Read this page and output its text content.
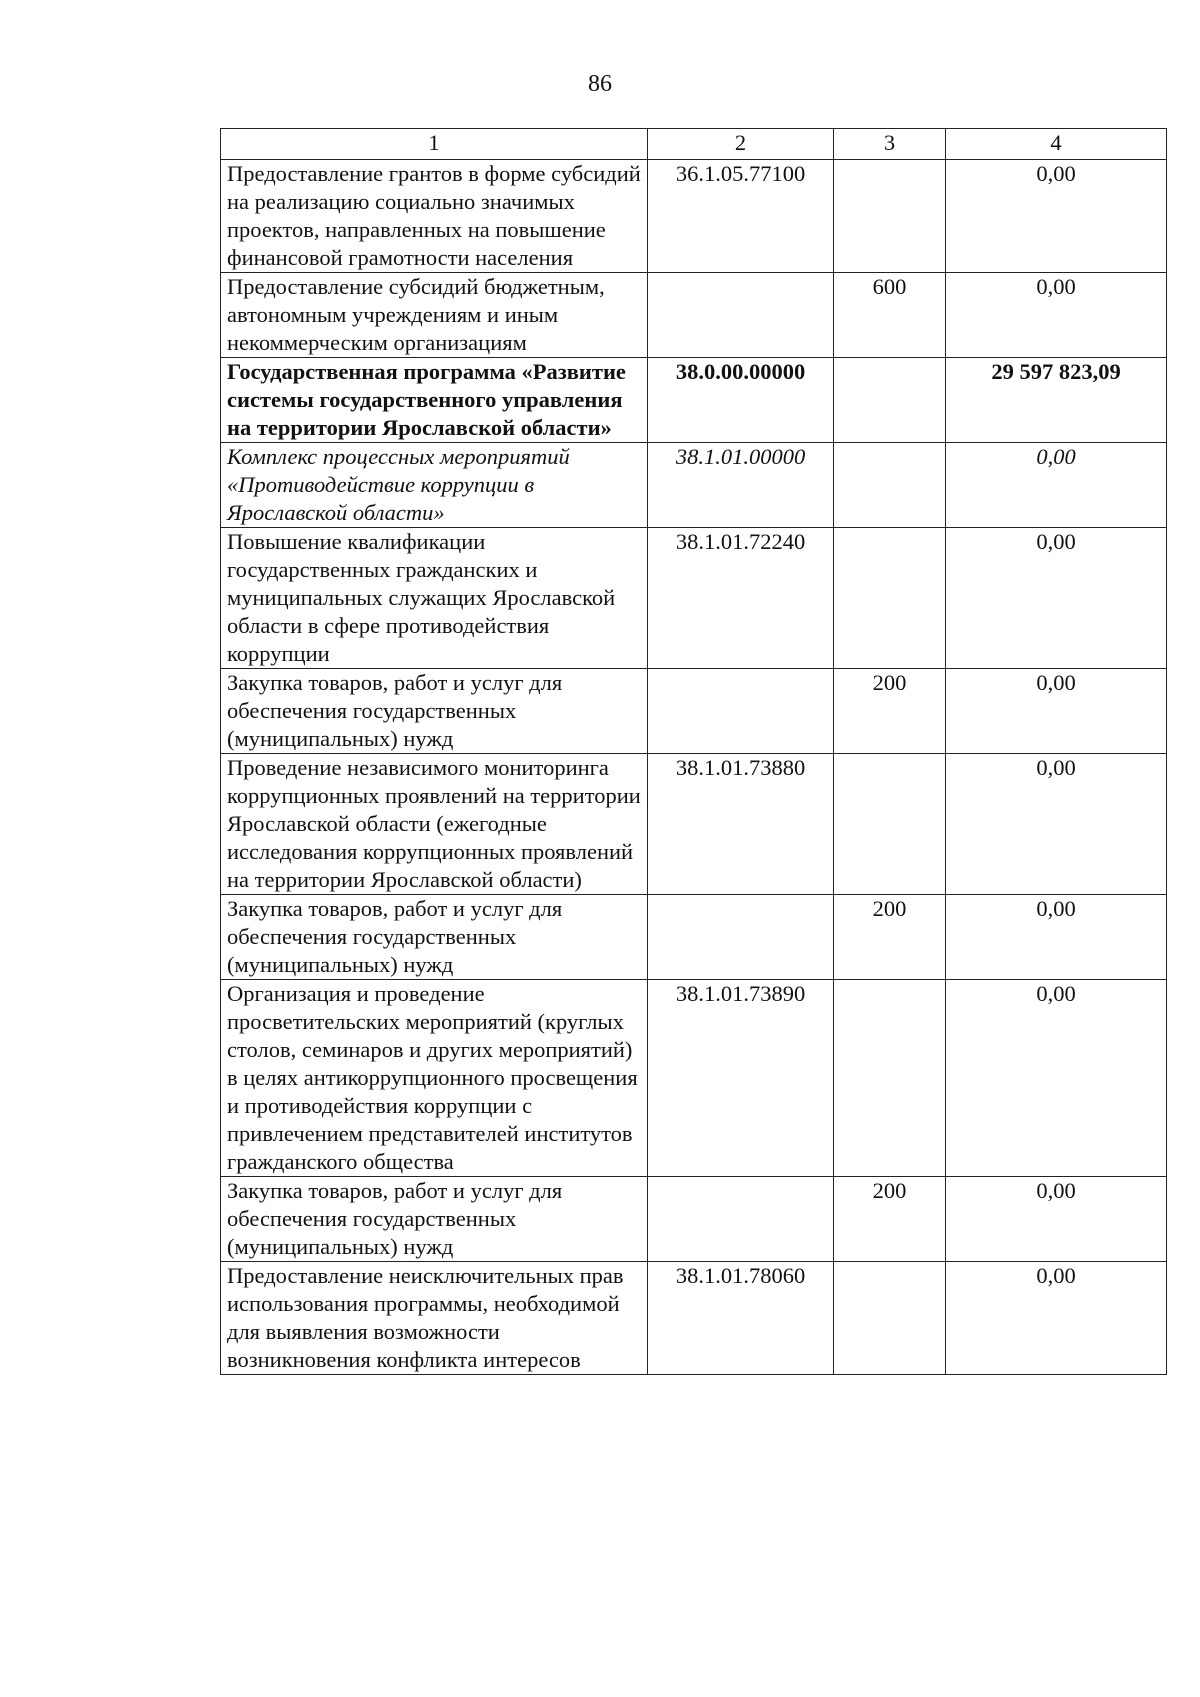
86
1	2	3	4
Предоставление грантов в форме субсидий на реализацию социально значимых проектов, направленных на повышение финансовой грамотности населения	36.1.05.77100		0,00
Предоставление субсидий бюджетным, автономным учреждениям и иным некоммерческим организациям		600	0,00
Государственная программа «Развитие системы государственного управления на территории Ярославской области»	38.0.00.00000		29 597 823,09
Комплекс процессных мероприятий «Противодействие коррупции в Ярославской области»	38.1.01.00000		0,00
Повышение квалификации государственных гражданских и муниципальных служащих Ярославской области в сфере противодействия коррупции	38.1.01.72240		0,00
Закупка товаров, работ и услуг для обеспечения государственных (муниципальных) нужд		200	0,00
Проведение независимого мониторинга коррупционных проявлений на территории Ярославской области (ежегодные исследования коррупционных проявлений на территории Ярославской области)	38.1.01.73880		0,00
Закупка товаров, работ и услуг для обеспечения государственных (муниципальных) нужд		200	0,00
Организация и проведение просветительских мероприятий (круглых столов, семинаров и других мероприятий) в целях антикоррупционного просвещения и противодействия коррупции с привлечением представителей институтов гражданского общества	38.1.01.73890		0,00
Закупка товаров, работ и услуг для обеспечения государственных (муниципальных) нужд		200	0,00
Предоставление неисключительных прав использования программы, необходимой для выявления возможности возникновения конфликта интересов	38.1.01.78060		0,00
